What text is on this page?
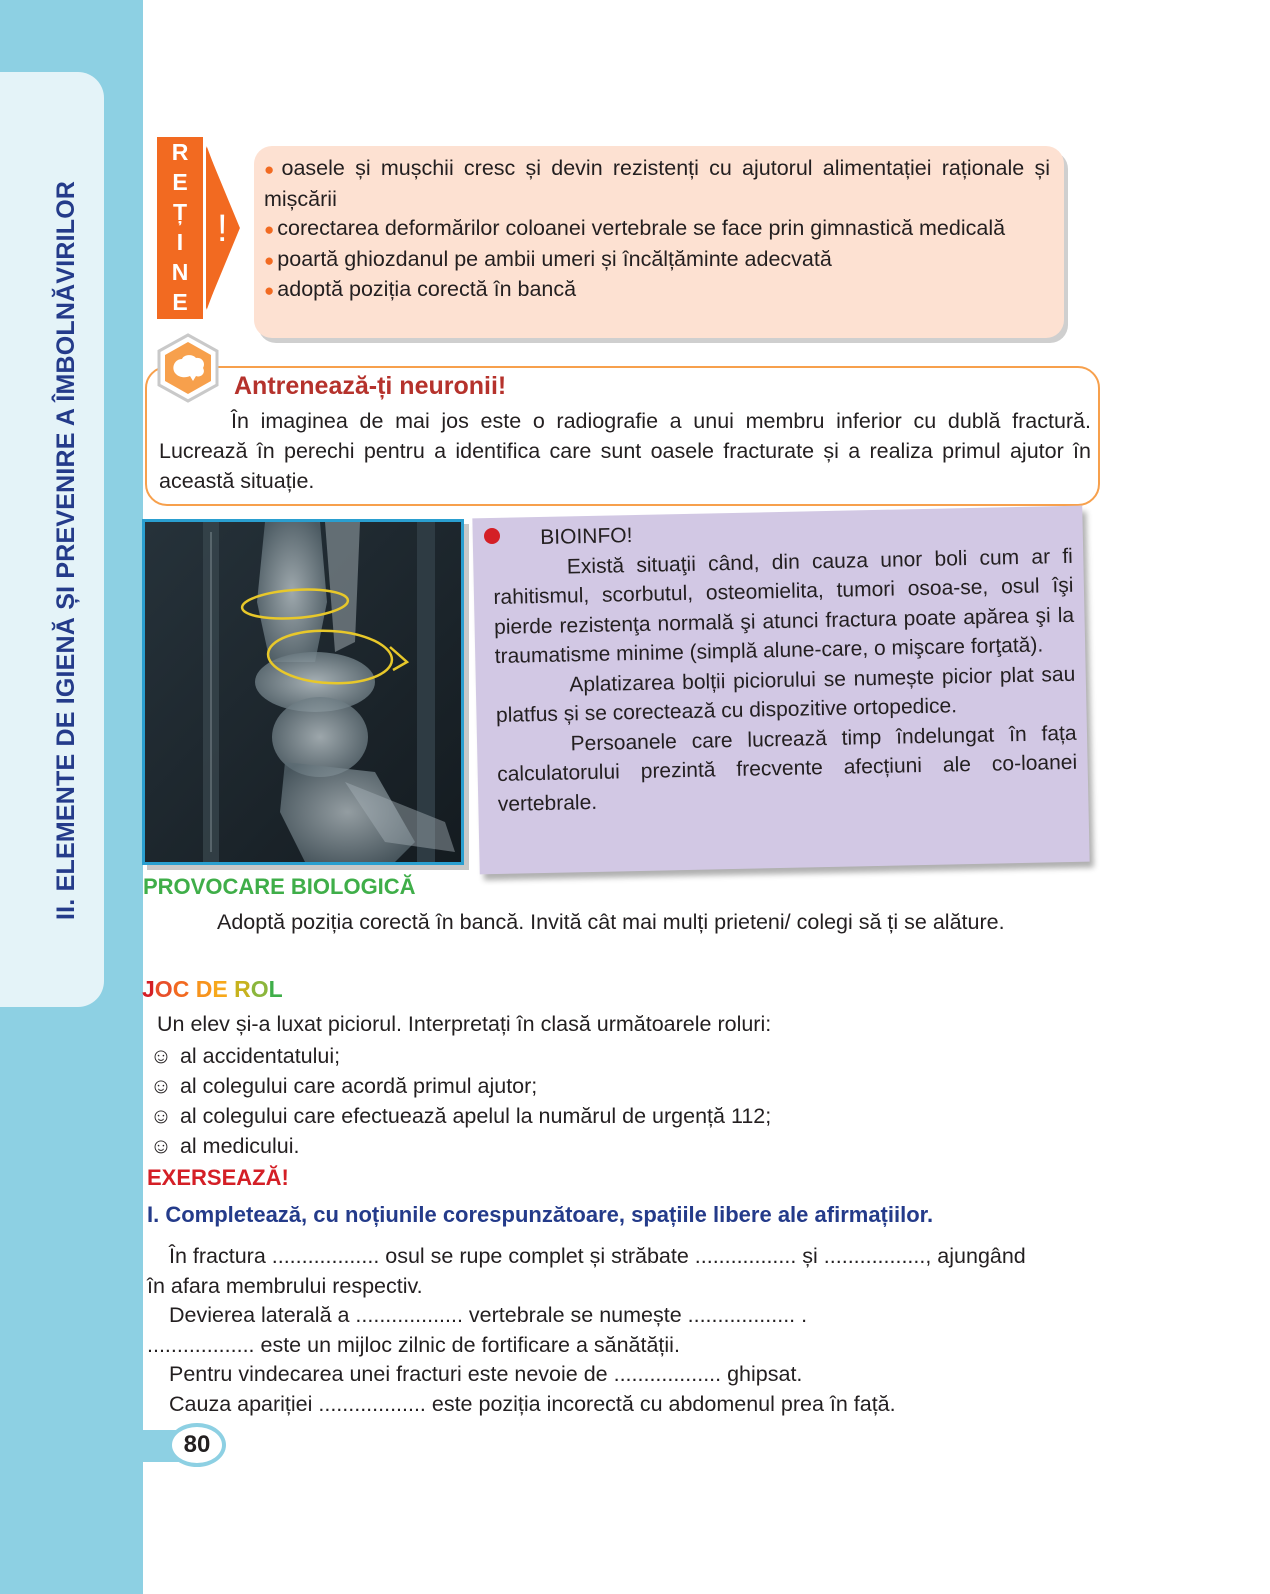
II. ELEMENTE DE IGIENĂ ȘI PREVENIRE A ÎMBOLNĂVIRILOR
R
E
Ț
I
N
E
!
● oasele și mușchii cresc și devin rezistenți cu ajutorul alimentației raționale și mișcării
● corectarea deformărilor coloanei vertebrale se face prin gimnastică medicală
● poartă ghiozdanul pe ambii umeri și încălțăminte adecvată
● adoptă poziția corectă în bancă
Antrenează-ți neuronii!

În imaginea de mai jos este o radiografie a unui membru inferior cu dublă fractură. Lucrează în perechi pentru a identifica care sunt oasele fracturate și a realiza primul ajutor în această situație.

BIOINFO!
Există situaţii când, din cauza unor boli cum ar fi rahitismul, scorbutul, osteomielita, tumori osoa-se, osul îşi pierde rezistenţa normală şi atunci fractura poate apărea şi la traumatisme minime (simplă alune-care, o mişcare forţată).
Aplatizarea bolții piciorului se numește picior plat sau platfus și se corectează cu dispozitive ortopedice.
Persoanele care lucrează timp îndelungat în fața calculatorului prezintă frecvente afecțiuni ale co-loanei vertebrale.
PROVOCARE BIOLOGICĂ

Adoptă poziția corectă în bancă. Invită cât mai mulți prieteni/ colegi să ți se alăture.

JOC DE ROL

Un elev și-a luxat piciorul. Interpretați în clasă următoarele roluri:

☺ al accidentatului;
☺ al colegului care acordă primul ajutor;
☺ al colegului care efectuează apelul la numărul de urgență 112;
☺ al medicului.
EXERSEAZĂ!

I. Completează, cu noțiunile corespunzătoare, spațiile libere ale afirmațiilor.

În fractura .................. osul se rupe complet și străbate ................. și ................., ajungând
în afara membrului respectiv.
Devierea laterală a .................. vertebrale se numește .................. .
.................. este un mijloc zilnic de fortificare a sănătății.
Pentru vindecarea unei fracturi este nevoie de .................. ghipsat.
Cauza apariției .................. este poziția incorectă cu abdomenul prea în față.
80
